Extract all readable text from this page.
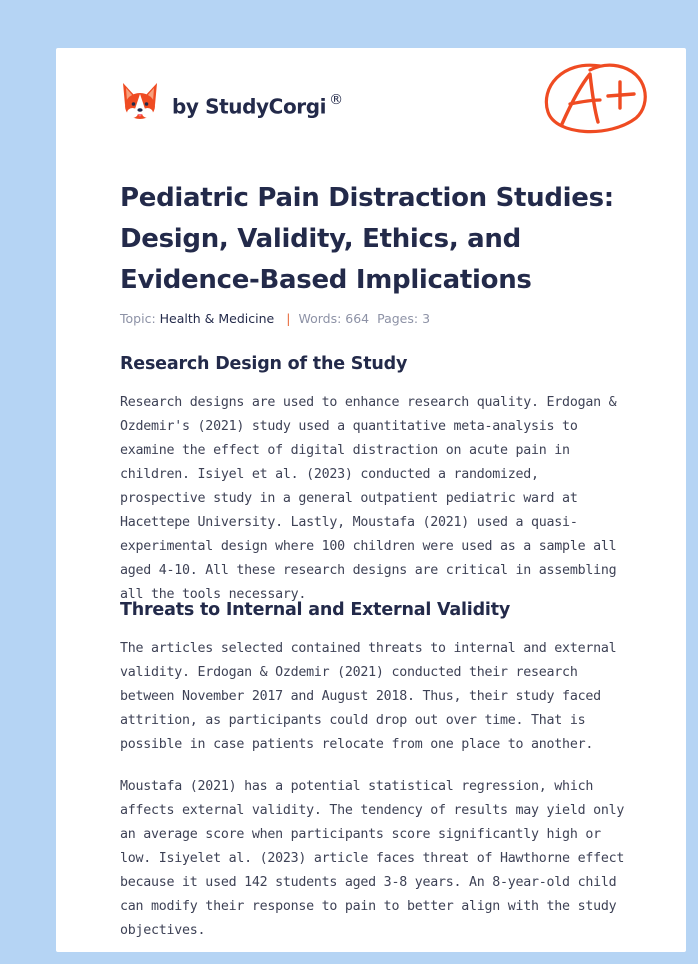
by StudyCorgi ®
Pediatric Pain Distraction Studies: Design, Validity, Ethics, and Evidence-Based Implications
Topic: Health & Medicine | Words: 664 Pages: 3
Research Design of the Study

Research designs are used to enhance research quality. Erdogan & Ozdemir's (2021) study used a quantitative meta-analysis to examine the effect of digital distraction on acute pain in children. Isiyel et al. (2023) conducted a randomized, prospective study in a general outpatient pediatric ward at Hacettepe University. Lastly, Moustafa (2021) used a quasi-experimental design where 100 children were used as a sample all aged 4-10. All these research designs are critical in assembling all the tools necessary.

Threats to Internal and External Validity

The articles selected contained threats to internal and external validity. Erdogan & Ozdemir (2021) conducted their research between November 2017 and August 2018. Thus, their study faced attrition, as participants could drop out over time. That is possible in case patients relocate from one place to another.

Moustafa (2021) has a potential statistical regression, which affects external validity. The tendency of results may yield only an average score when participants score significantly high or low. Isiyelet al. (2023) article faces threat of Hawthorne effect because it used 142 students aged 3-8 years. An 8-year-old child can modify their response to pain to better align with the study objectives.
